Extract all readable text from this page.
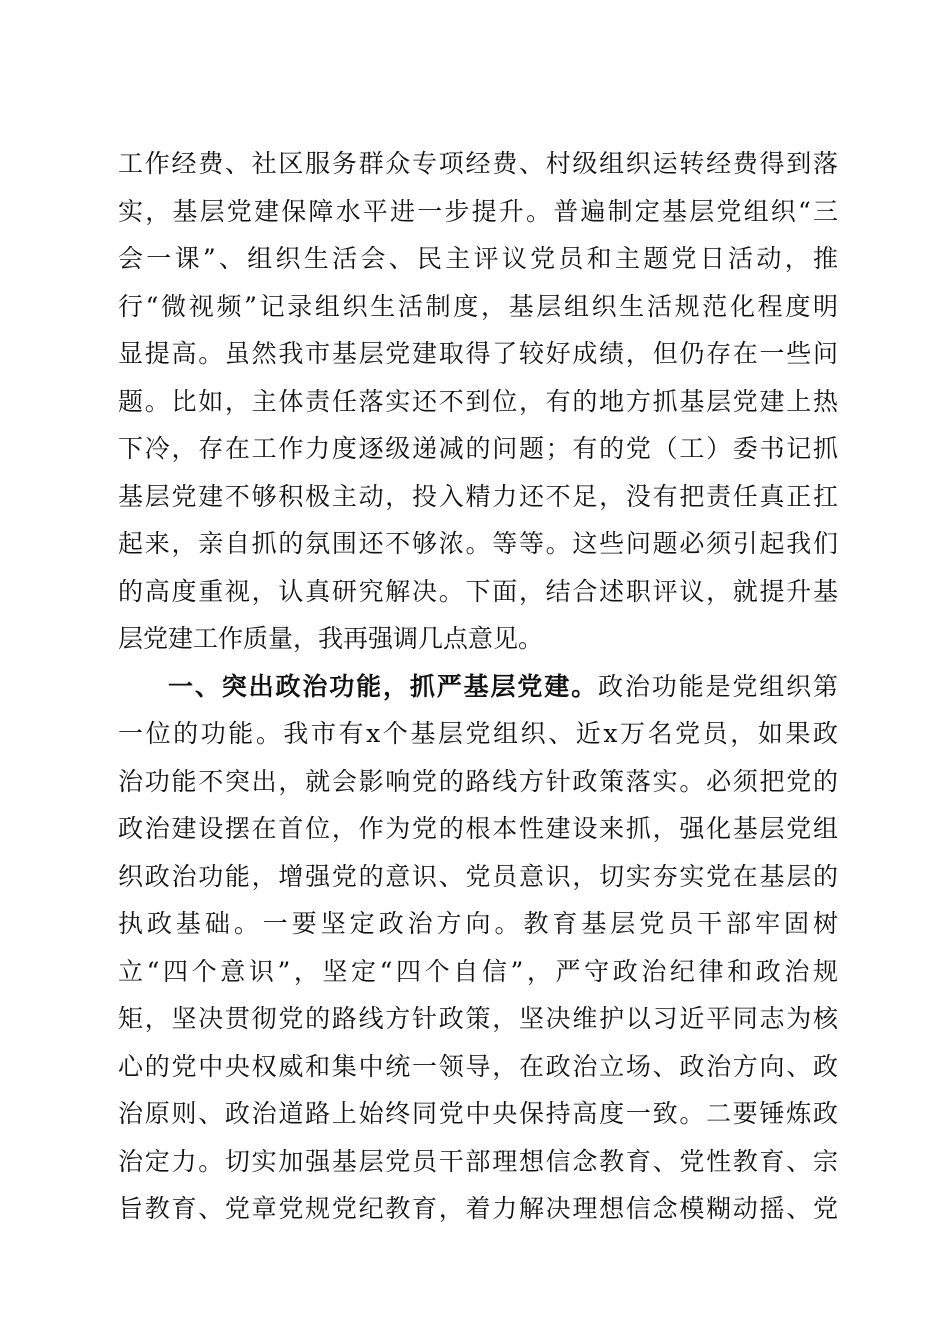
工作经费、社区服务群众专项经费、村级组织运转经费得到落
实，基层党建保障水平进一步提升。普遍制定基层党组织“三
会一课”、组织生活会、民主评议党员和主题党日活动，推
行“微视频”记录组织生活制度，基层组织生活规范化程度明
显提高。虽然我市基层党建取得了较好成绩，但仍存在一些问
题。比如，主体责任落实还不到位，有的地方抓基层党建上热
下冷，存在工作力度逐级递减的问题；有的党（工）委书记抓
基层党建不够积极主动，投入精力还不足，没有把责任真正扛
起来，亲自抓的氛围还不够浓。等等。这些问题必须引起我们
的高度重视，认真研究解决。下面，结合述职评议，就提升基
层党建工作质量，我再强调几点意见。
一、突出政治功能，抓严基层党建。政治功能是党组织第
一位的功能。我市有x个基层党组织、近x万名党员，如果政
治功能不突出，就会影响党的路线方针政策落实。必须把党的
政治建设摆在首位，作为党的根本性建设来抓，强化基层党组
织政治功能，增强党的意识、党员意识，切实夯实党在基层的
执政基础。一要坚定政治方向。教育基层党员干部牢固树
立“四个意识”，坚定“四个自信”，严守政治纪律和政治规
矩，坚决贯彻党的路线方针政策，坚决维护以习近平同志为核
心的党中央权威和集中统一领导，在政治立场、政治方向、政
治原则、政治道路上始终同党中央保持高度一致。二要锤炼政
治定力。切实加强基层党员干部理想信念教育、党性教育、宗
旨教育、党章党规党纪教育，着力解决理想信念模糊动摇、党
